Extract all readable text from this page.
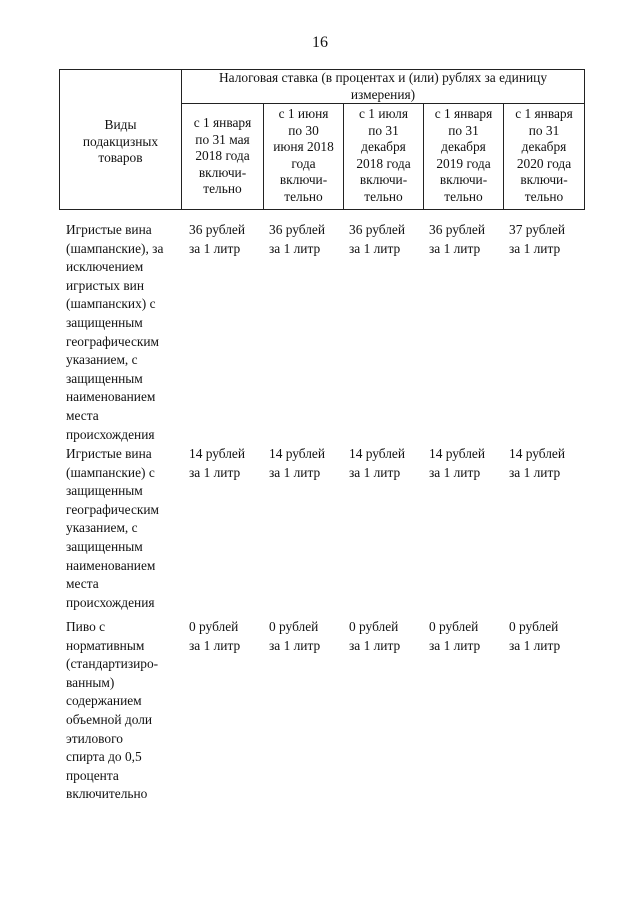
16
Виды
подакцизных
товаров
Налоговая ставка (в процентах и (или) рублях за единицу
измерения)
с 1 января
по 31 мая
2018 года
включи-
тельно
с 1 июня
по 30
июня 2018
года
включи-
тельно
с 1 июля
по 31
декабря
2018 года
включи-
тельно
с 1 января
по 31
декабря
2019 года
включи-
тельно
с 1 января
по 31
декабря
2020 года
включи-
тельно
Игристые вина
(шампанские), за
исключением
игристых вин
(шампанских) с
защищенным
географическим
указанием, с
защищенным
наименованием
места
происхождения
36 рублей
за 1 литр
36 рублей
за 1 литр
36 рублей
за 1 литр
36 рублей
за 1 литр
37 рублей
за 1 литр
Игристые вина
(шампанские) с
защищенным
географическим
указанием, с
защищенным
наименованием
места
происхождения
14 рублей
за 1 литр
14 рублей
за 1 литр
14 рублей
за 1 литр
14 рублей
за 1 литр
14 рублей
за 1 литр
Пиво с
нормативным
(стандартизиро-
ванным)
содержанием
объемной доли
этилового
спирта до 0,5
процента
включительно
0 рублей
за 1 литр
0 рублей
за 1 литр
0 рублей
за 1 литр
0 рублей
за 1 литр
0 рублей
за 1 литр
